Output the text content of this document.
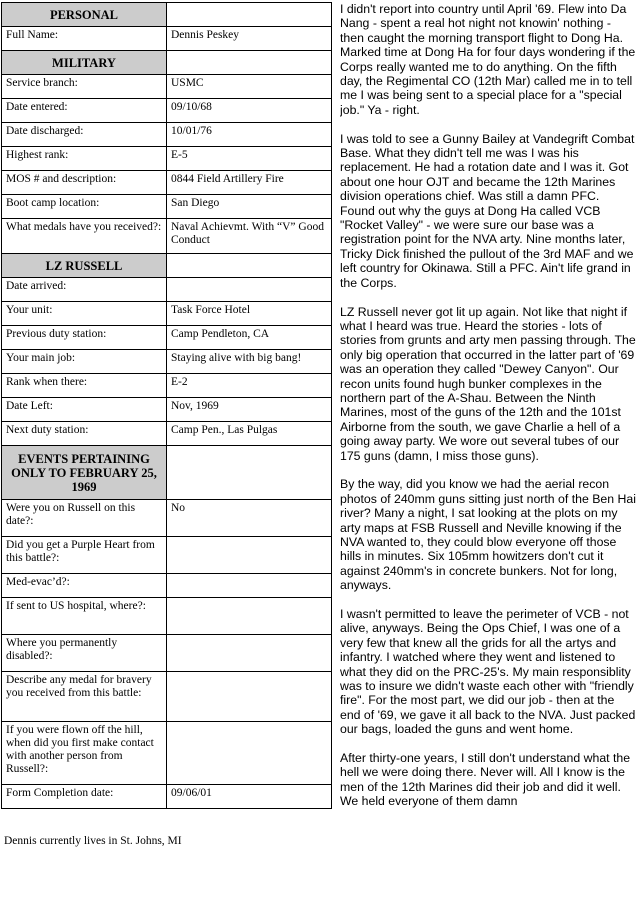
PERSONAL	
Full Name:	Dennis Peskey
MILITARY	
Service branch:	USMC
Date entered:	09/10/68
Date discharged:	10/01/76
Highest rank:	E-5
MOS # and description:	0844 Field Artillery Fire
Boot camp location:	San Diego
What medals have you received?:	Naval Achievmt. With “V” Good Conduct
LZ RUSSELL	
Date arrived:	
Your unit:	Task Force Hotel
Previous duty station:	Camp Pendleton, CA
Your main job:	Staying alive with big bang!
Rank when there:	E-2
Date Left:	Nov, 1969
Next duty station:	Camp Pen., Las Pulgas
EVENTS PERTAINING ONLY TO FEBRUARY 25, 1969	
Were you on Russell on this date?:	No
Did you get a Purple Heart from this battle?:	
Med-evac’d?:	
If sent to US hospital, where?:	
Where you permanently disabled?:	
Describe any medal for bravery you received from this battle:	
If you were flown off the hill, when did you first make contact with another person from Russell?:	
Form Completion date:	09/06/01
Dennis currently lives in St. Johns, MI

I didn't report into country until April '69. Flew into Da Nang - spent a real hot night not knowin' nothing - then caught the morning transport flight to Dong Ha. Marked time at Dong Ha for four days wondering if the Corps really wanted me to do anything. On the fifth day, the Regimental CO (12th Mar) called me in to tell me I was being sent to a special place for a "special job." Ya - right.

I was told to see a Gunny Bailey at Vandegrift Combat Base. What they didn't tell me was I was his replacement. He had a rotation date and I was it. Got about one hour OJT and became the 12th Marines division operations chief. Was still a damn PFC. Found out why the guys at Dong Ha called VCB "Rocket Valley" - we were sure our base was a registration point for the NVA arty. Nine months later, Tricky Dick finished the pullout of the 3rd MAF and we left country for Okinawa. Still a PFC. Ain't life grand in the Corps.

LZ Russell never got lit up again. Not like that night if what I heard was true. Heard the stories - lots of stories from grunts and arty men passing through. The only big operation that occurred in the latter part of '69 was an operation they called "Dewey Canyon". Our recon units found hugh bunker complexes in the northern part of the A-Shau. Between the Ninth Marines, most of the guns of the 12th and the 101st Airborne from the south, we gave Charlie a hell of a going away party. We wore out several tubes of our 175 guns (damn, I miss those guns).

By the way, did you know we had the aerial recon photos of 240mm guns sitting just north of the Ben Hai river? Many a night, I sat looking at the plots on my arty maps at FSB Russell and Neville knowing if the NVA wanted to, they could blow everyone off those hills in minutes. Six 105mm howitzers don't cut it against 240mm's in concrete bunkers. Not for long, anyways.

I wasn't permitted to leave the perimeter of VCB - not alive, anyways. Being the Ops Chief, I was one of a very few that knew all the grids for all the artys and infantry. I watched where they went and listened to what they did on the PRC-25's. My main responsiblity was to insure we didn't waste each other with "friendly fire". For the most part, we did our job - then at the end of '69, we gave it all back to the NVA. Just packed our bags, loaded the guns and went home.

After thirty-one years, I still don't understand what the hell we were doing there. Never will. All I know is the men of the 12th Marines did their job and did it well. We held everyone of them damn
